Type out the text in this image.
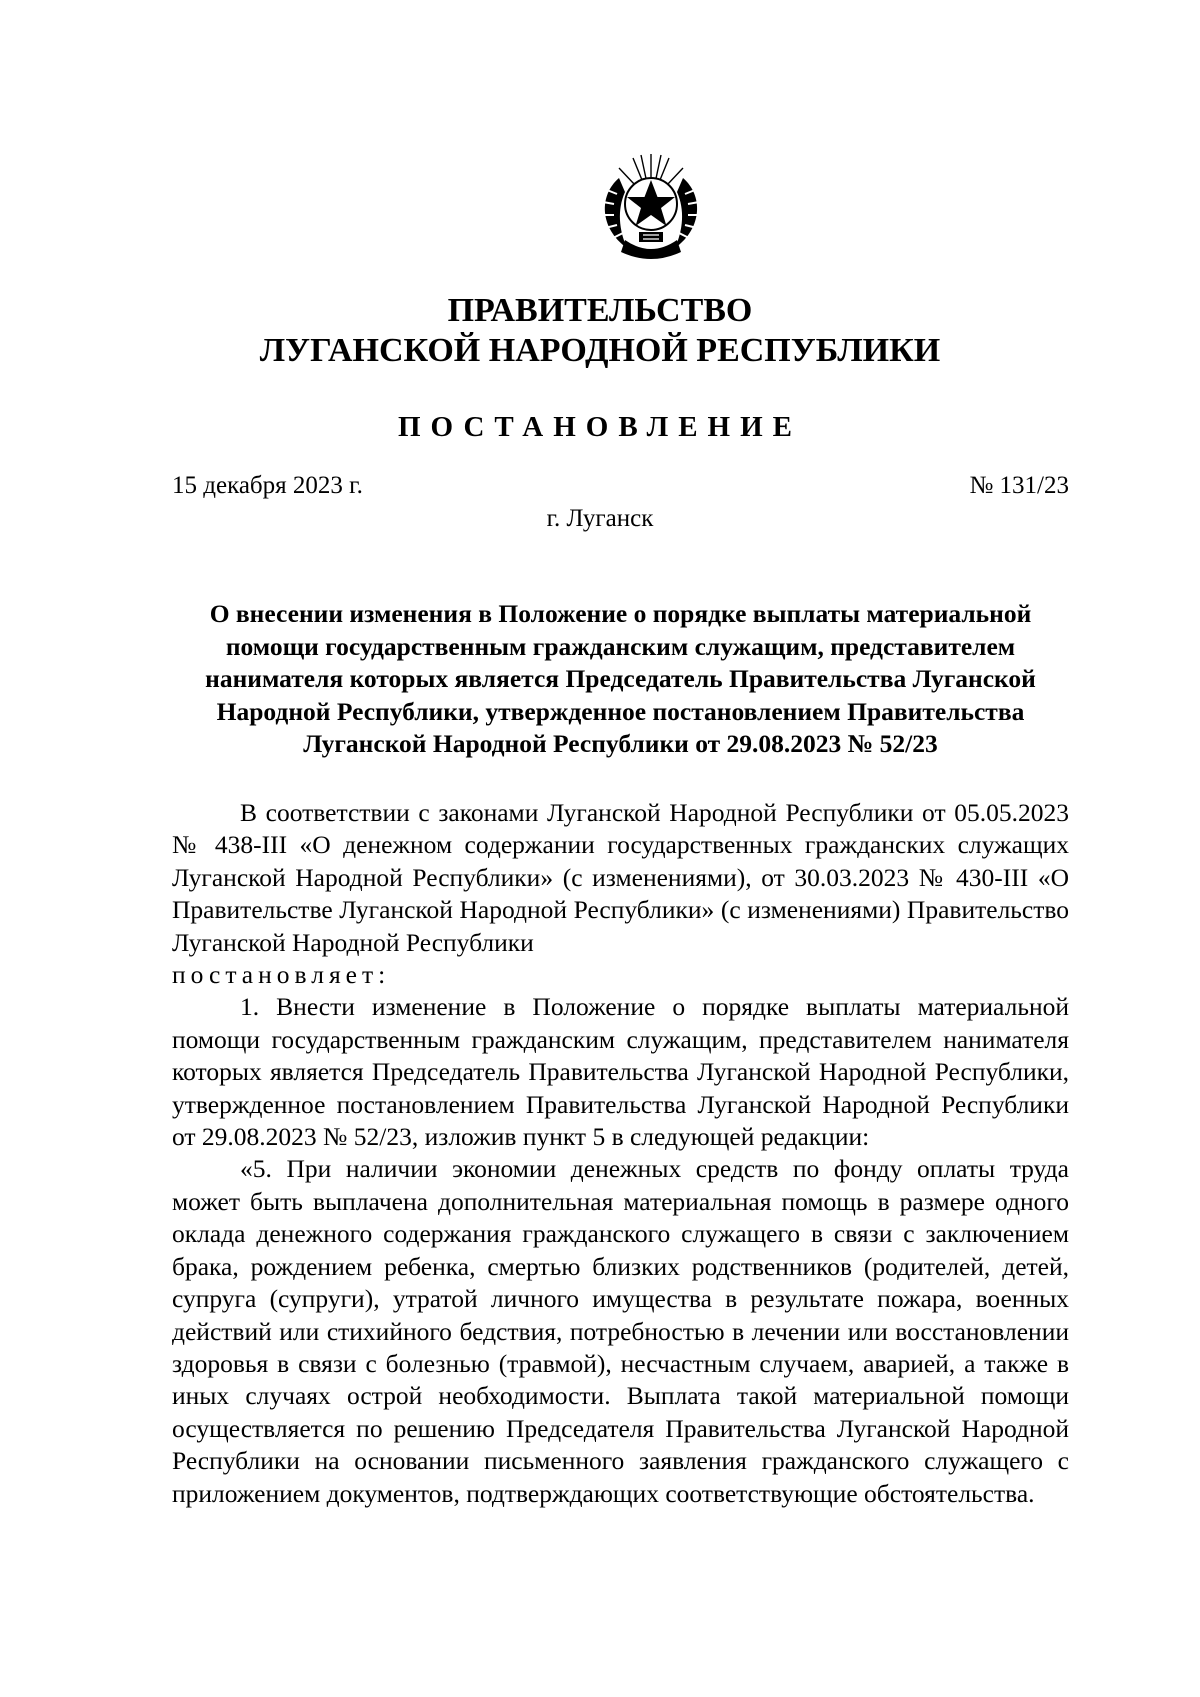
ПРАВИТЕЛЬСТВО
ЛУГАНСКОЙ НАРОДНОЙ РЕСПУБЛИКИ
ПОСТАНОВЛЕНИЕ
15 декабря 2023 г.	№ 131/23
г. Луганск
О внесении изменения в Положение о порядке выплаты материальной помощи государственным гражданским служащим, представителем нанимателя которых является Председатель Правительства Луганской Народной Республики, утвержденное постановлением Правительства Луганской Народной Республики от 29.08.2023 № 52/23

В соответствии с законами Луганской Народной Республики от 05.05.2023 № 438-III «О денежном содержании государственных гражданских служащих Луганской Народной Республики» (с изменениями), от 30.03.2023 № 430-III «О Правительстве Луганской Народной Республики» (с изменениями) Правительство Луганской Народной Республики

постановляет:

1. Внести изменение в Положение о порядке выплаты материальной помощи государственным гражданским служащим, представителем нанимателя которых является Председатель Правительства Луганской Народной Республики, утвержденное постановлением Правительства Луганской Народной Республики от 29.08.2023 № 52/23, изложив пункт 5 в следующей редакции:

«5. При наличии экономии денежных средств по фонду оплаты труда может быть выплачена дополнительная материальная помощь в размере одного оклада денежного содержания гражданского служащего в связи с заключением брака, рождением ребенка, смертью близких родственников (родителей, детей, супруга (супруги), утратой личного имущества в результате пожара, военных действий или стихийного бедствия, потребностью в лечении или восстановлении здоровья в связи с болезнью (травмой), несчастным случаем, аварией, а также в иных случаях острой необходимости. Выплата такой материальной помощи осуществляется по решению Председателя Правительства Луганской Народной Республики на основании письменного заявления гражданского служащего с приложением документов, подтверждающих соответствующие обстоятельства.
